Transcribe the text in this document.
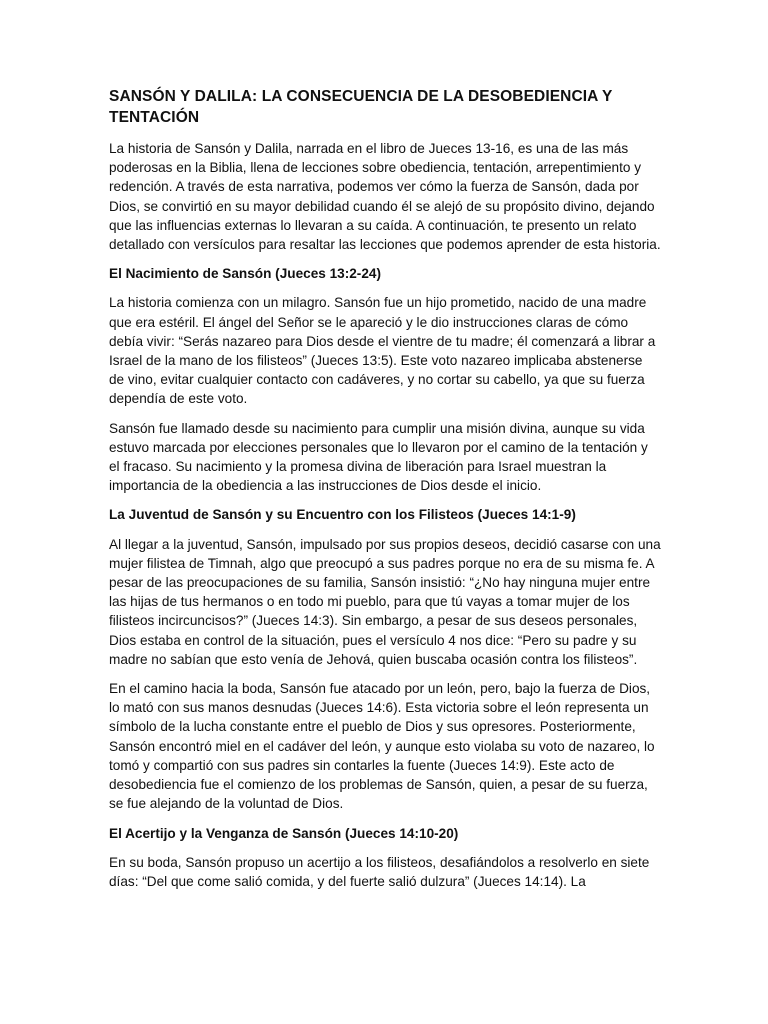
SANSÓN Y DALILA: LA CONSECUENCIA DE LA DESOBEDIENCIA Y TENTACIÓN

La historia de Sansón y Dalila, narrada en el libro de Jueces 13-16, es una de las más poderosas en la Biblia, llena de lecciones sobre obediencia, tentación, arrepentimiento y redención. A través de esta narrativa, podemos ver cómo la fuerza de Sansón, dada por Dios, se convirtió en su mayor debilidad cuando él se alejó de su propósito divino, dejando que las influencias externas lo llevaran a su caída. A continuación, te presento un relato detallado con versículos para resaltar las lecciones que podemos aprender de esta historia.

El Nacimiento de Sansón (Jueces 13:2-24)

La historia comienza con un milagro. Sansón fue un hijo prometido, nacido de una madre que era estéril. El ángel del Señor se le apareció y le dio instrucciones claras de cómo debía vivir: “Serás nazareo para Dios desde el vientre de tu madre; él comenzará a librar a Israel de la mano de los filisteos” (Jueces 13:5). Este voto nazareo implicaba abstenerse de vino, evitar cualquier contacto con cadáveres, y no cortar su cabello, ya que su fuerza dependía de este voto.

Sansón fue llamado desde su nacimiento para cumplir una misión divina, aunque su vida estuvo marcada por elecciones personales que lo llevaron por el camino de la tentación y el fracaso. Su nacimiento y la promesa divina de liberación para Israel muestran la importancia de la obediencia a las instrucciones de Dios desde el inicio.

La Juventud de Sansón y su Encuentro con los Filisteos (Jueces 14:1-9)

Al llegar a la juventud, Sansón, impulsado por sus propios deseos, decidió casarse con una mujer filistea de Timnah, algo que preocupó a sus padres porque no era de su misma fe. A pesar de las preocupaciones de su familia, Sansón insistió: “¿No hay ninguna mujer entre las hijas de tus hermanos o en todo mi pueblo, para que tú vayas a tomar mujer de los filisteos incircuncisos?” (Jueces 14:3). Sin embargo, a pesar de sus deseos personales, Dios estaba en control de la situación, pues el versículo 4 nos dice: “Pero su padre y su madre no sabían que esto venía de Jehová, quien buscaba ocasión contra los filisteos”.

En el camino hacia la boda, Sansón fue atacado por un león, pero, bajo la fuerza de Dios, lo mató con sus manos desnudas (Jueces 14:6). Esta victoria sobre el león representa un símbolo de la lucha constante entre el pueblo de Dios y sus opresores. Posteriormente, Sansón encontró miel en el cadáver del león, y aunque esto violaba su voto de nazareo, lo tomó y compartió con sus padres sin contarles la fuente (Jueces 14:9). Este acto de desobediencia fue el comienzo de los problemas de Sansón, quien, a pesar de su fuerza, se fue alejando de la voluntad de Dios.

El Acertijo y la Venganza de Sansón (Jueces 14:10-20)

En su boda, Sansón propuso un acertijo a los filisteos, desafiándolos a resolverlo en siete días: “Del que come salió comida, y del fuerte salió dulzura” (Jueces 14:14). La
